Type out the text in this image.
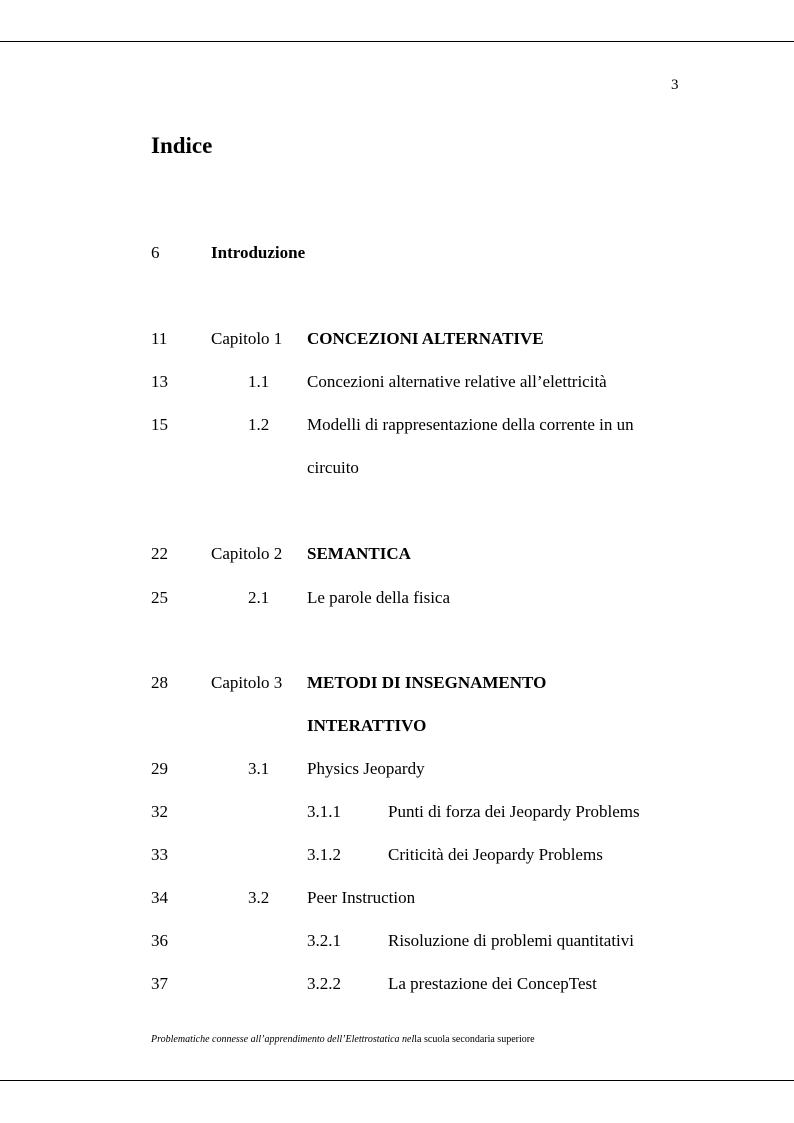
3
Indice
6	Introduzione
11	Capitolo 1 CONCEZIONI ALTERNATIVE
13	1.1 Concezioni alternative relative all’elettricità
15	1.2 Modelli di rappresentazione della corrente in un
circuito
22	Capitolo 2 SEMANTICA
25	2.1 Le parole della fisica
28	Capitolo 3 METODI DI INSEGNAMENTO
INTERATTIVO
29	3.1 Physics Jeopardy
32	3.1.1	Punti di forza dei Jeopardy Problems
33	3.1.2	Criticità dei Jeopardy Problems
34	3.2 Peer Instruction
36	3.2.1	Risoluzione di problemi quantitativi
37	3.2.2	La prestazione dei ConcepTest
Problematiche connesse all’apprendimento dell’Elettrostatica nella scuola secondaria superiore
